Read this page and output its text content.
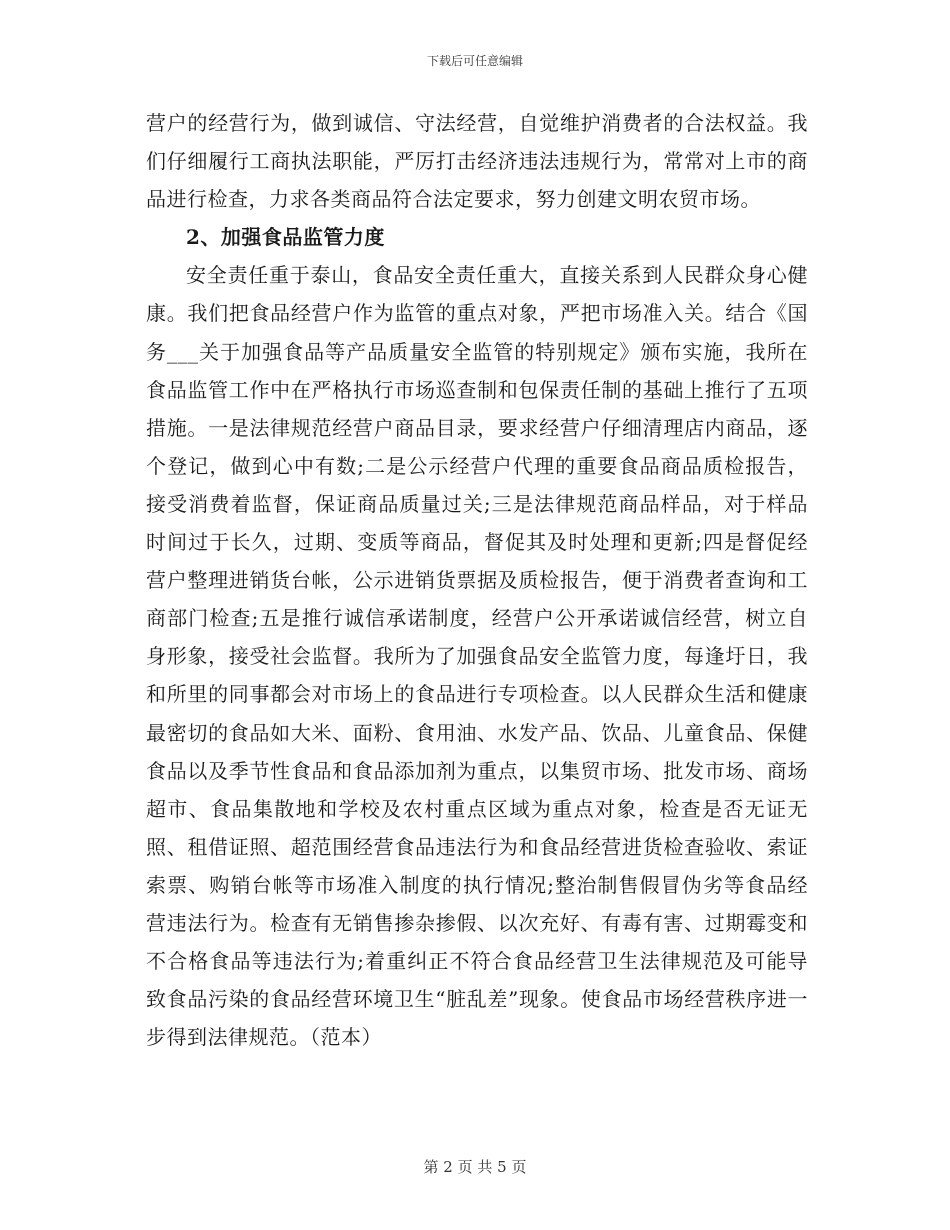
下载后可任意编辑

营户的经营行为，做到诚信、守法经营，自觉维护消费者的合法权益。我们仔细履行工商执法职能，严厉打击经济违法违规行为，常常对上市的商品进行检查，力求各类商品符合法定要求，努力创建文明农贸市场。

2、加强食品监管力度

安全责任重于泰山，食品安全责任重大，直接关系到人民群众身心健康。我们把食品经营户作为监管的重点对象，严把市场准入关。结合《国务___关于加强食品等产品质量安全监管的特别规定》颁布实施，我所在食品监管工作中在严格执行市场巡查制和包保责任制的基础上推行了五项措施。一是法律规范经营户商品目录，要求经营户仔细清理店内商品，逐个登记，做到心中有数;二是公示经营户代理的重要食品商品质检报告，接受消费着监督，保证商品质量过关;三是法律规范商品样品，对于样品时间过于长久，过期、变质等商品，督促其及时处理和更新;四是督促经营户整理进销货台帐，公示进销货票据及质检报告，便于消费者查询和工商部门检查;五是推行诚信承诺制度，经营户公开承诺诚信经营，树立自身形象，接受社会监督。我所为了加强食品安全监管力度，每逢圩日，我和所里的同事都会对市场上的食品进行专项检查。以人民群众生活和健康最密切的食品如大米、面粉、食用油、水发产品、饮品、儿童食品、保健食品以及季节性食品和食品添加剂为重点，以集贸市场、批发市场、商场超市、食品集散地和学校及农村重点区域为重点对象，检查是否无证无照、租借证照、超范围经营食品违法行为和食品经营进货检查验收、索证索票、购销台帐等市场准入制度的执行情况;整治制售假冒伪劣等食品经营违法行为。检查有无销售掺杂掺假、以次充好、有毒有害、过期霉变和不合格食品等违法行为;着重纠正不符合食品经营卫生法律规范及可能导致食品污染的食品经营环境卫生“脏乱差”现象。使食品市场经营秩序进一步得到法律规范。（范本）

第 2 页 共 5 页
